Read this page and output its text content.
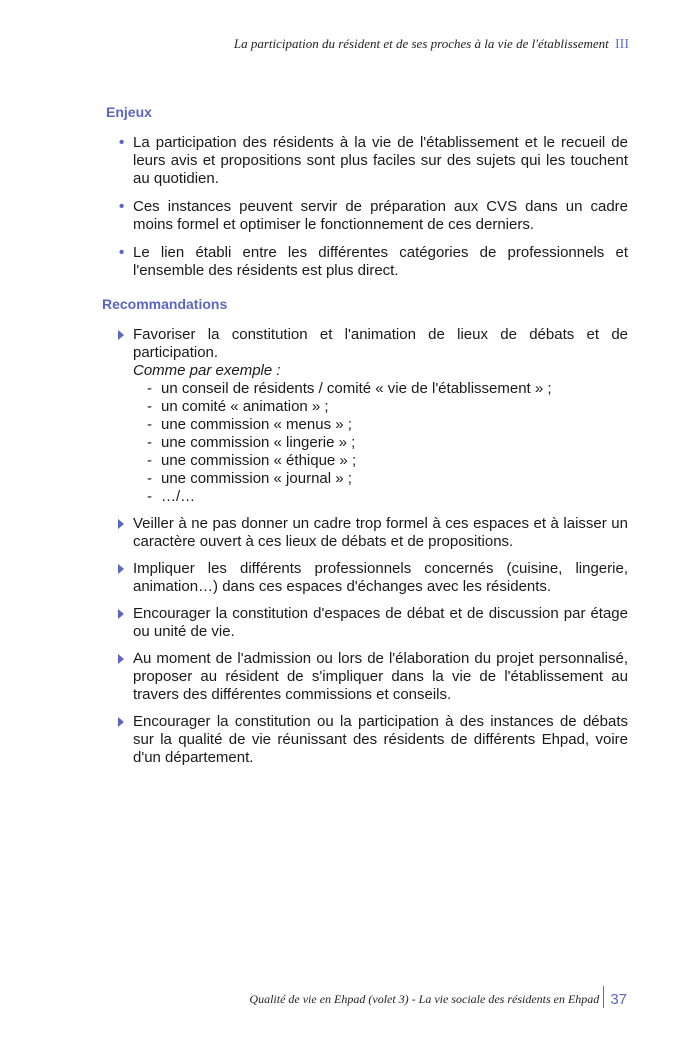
La participation du résident et de ses proches à la vie de l'établissement III
Enjeux
• La participation des résidents à la vie de l'établissement et le recueil de leurs avis et propositions sont plus faciles sur des sujets qui les touchent au quotidien.
• Ces instances peuvent servir de préparation aux CVS dans un cadre moins formel et optimiser le fonctionnement de ces derniers.
• Le lien établi entre les différentes catégories de professionnels et l'ensemble des résidents est plus direct.
Recommandations
Favoriser la constitution et l'animation de lieux de débats et de participation.
Comme par exemple :
- un conseil de résidents / comité « vie de l'établissement » ;
- un comité « animation » ;
- une commission « menus » ;
- une commission « lingerie » ;
- une commission « éthique » ;
- une commission « journal » ;
- …/…
Veiller à ne pas donner un cadre trop formel à ces espaces et à laisser un caractère ouvert à ces lieux de débats et de propositions.
Impliquer les différents professionnels concernés (cuisine, lingerie, animation…) dans ces espaces d'échanges avec les résidents.
Encourager la constitution d'espaces de débat et de discussion par étage ou unité de vie.
Au moment de l'admission ou lors de l'élaboration du projet personnalisé, proposer au résident de s'impliquer dans la vie de l'établissement au travers des différentes commissions et conseils.
Encourager la constitution ou la participation à des instances de débats sur la qualité de vie réunissant des résidents de différents Ehpad, voire d'un département.
Qualité de vie en Ehpad (volet 3) - La vie sociale des résidents en Ehpad 37
